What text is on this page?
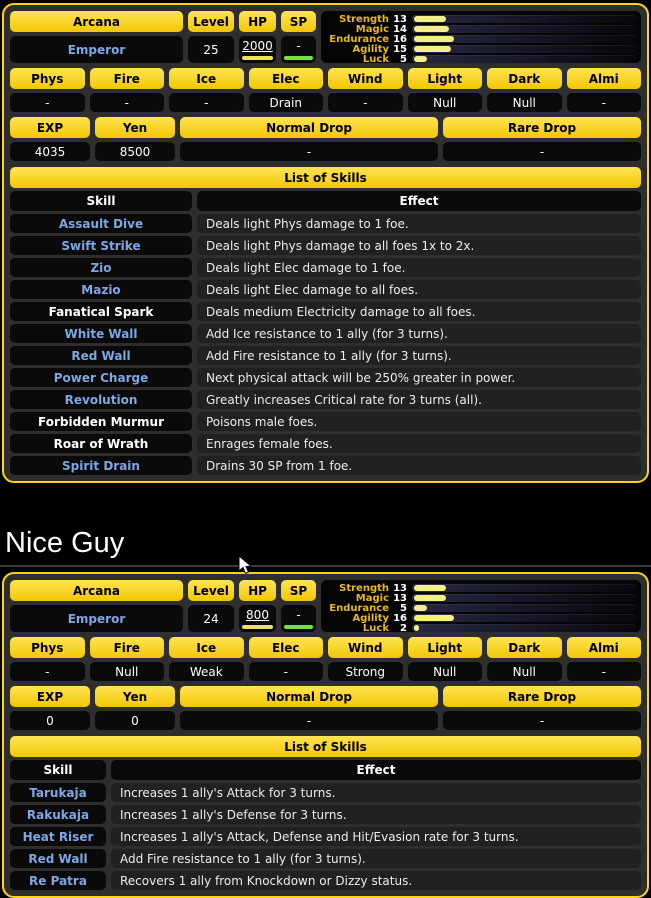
Arcana	Level	HP	SP	Strength 13
Magic 14
Endurance 16
Agility 15
Luck	5
Emperor	25	2000 -
Phys	Fire	Ice	Elec	Wind	Light	Dark	Almi
-	-	-	Drain	-	Null	Null	-
EXP	Yen	Normal Drop	Rare Drop
4035	8500	-	-
List of Skills
Skill	Effect
Assault Dive	Deals light Phys damage to 1 foe.
Swift Strike	Deals light Phys damage to all foes 1x to 2x.
Zio	Deals light Elec damage to 1 foe.
Mazio	Deals light Elec damage to all foes.
Fanatical Spark	Deals medium Electricity damage to all foes.
White Wall	Add Ice resistance to 1 ally (for 3 turns).
Red Wall	Add Fire resistance to 1 ally (for 3 turns).
Power Charge	Next physical attack will be 250% greater in power.
Revolution	Greatly increases Critical rate for 3 turns (all).
Forbidden Murmur	Poisons male foes.
Roar of Wrath	Enrages female foes.
Spirit Drain	Drains 30 SP from 1 foe.
Nice Guy
Arcana	Level	HP	SP	Strength 13
Magic 13
Endurance	5
Agility 16
Luck	2
Emperor	24	800 -
Phys	Fire	Ice	Elec	Wind	Light	Dark	Almi
-	Null	Weak	-	Strong	Null	Null	-
EXP	Yen	Normal Drop	Rare Drop
0	0	-	-
List of Skills
Skill	Effect
Tarukaja	Increases 1 ally's Attack for 3 turns.
Rakukaja	Increases 1 ally's Defense for 3 turns.
Heat Riser	Increases 1 ally's Attack, Defense and Hit/Evasion rate for 3 turns.
Red Wall	Add Fire resistance to 1 ally (for 3 turns).
Re Patra	Recovers 1 ally from Knockdown or Dizzy status.
